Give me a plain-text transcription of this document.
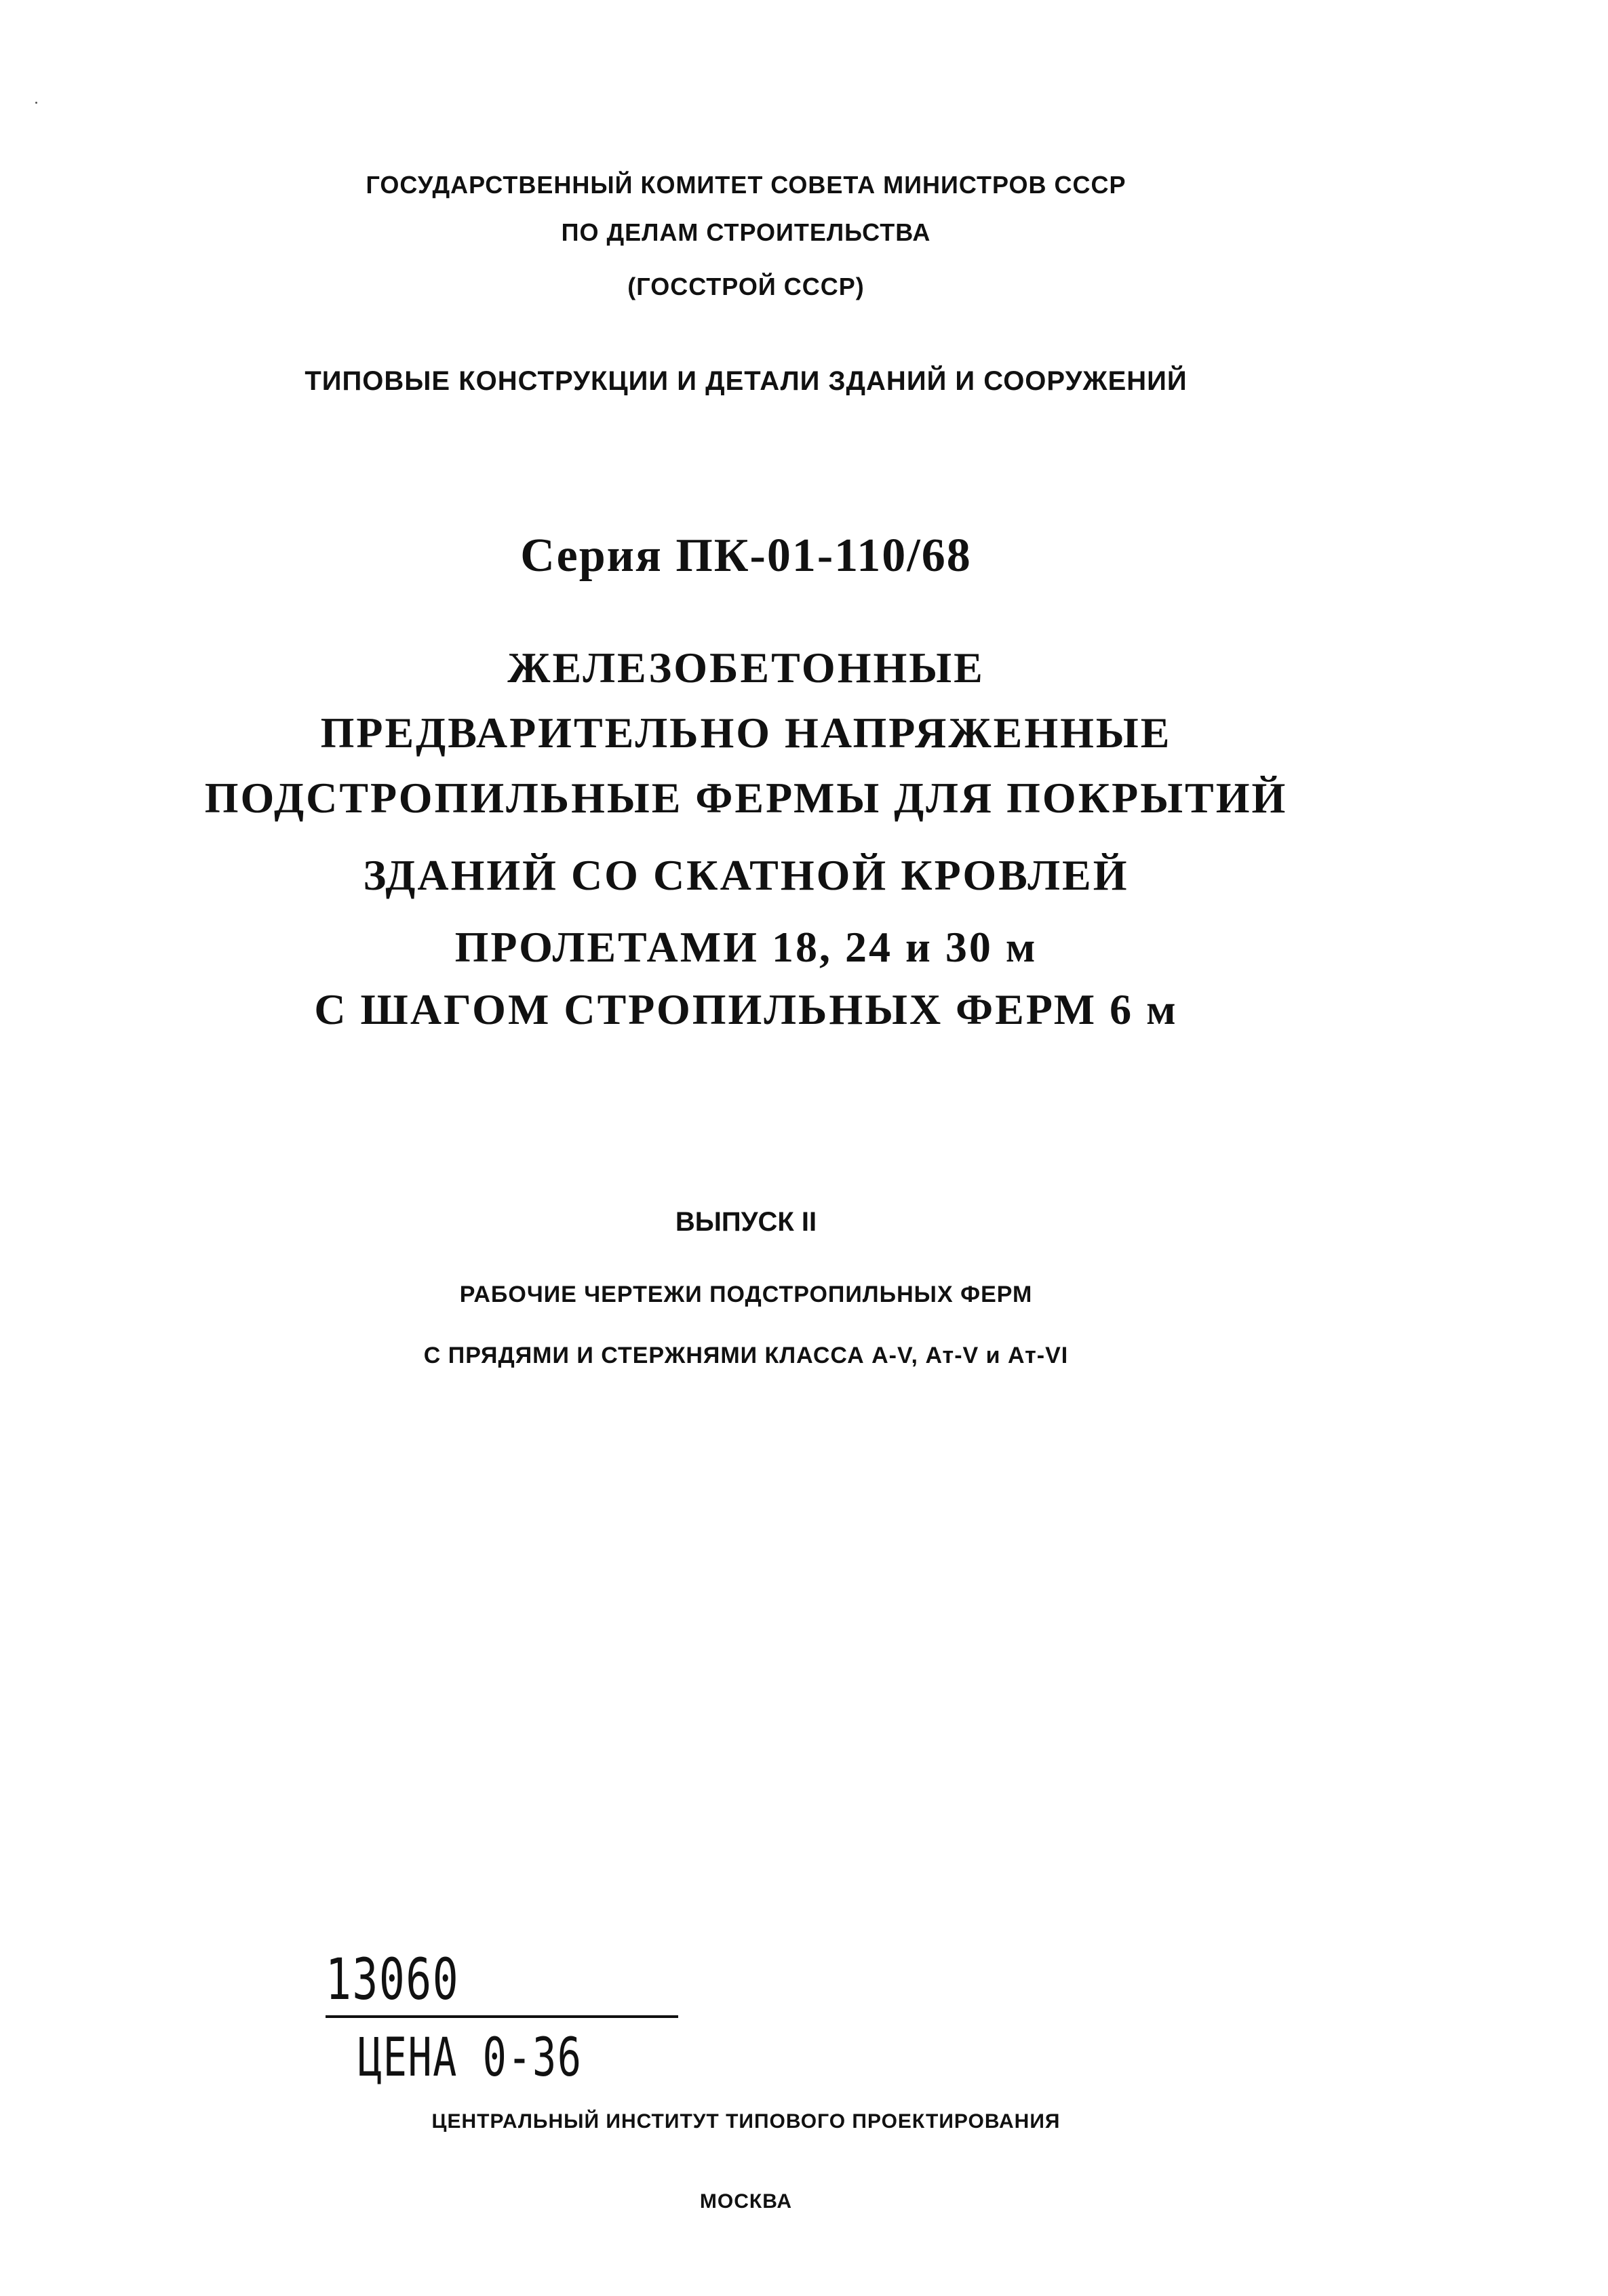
ГОСУДАРСТВЕННЫЙ КОМИТЕТ СОВЕТА МИНИСТРОВ СССР
ПО ДЕЛАМ СТРОИТЕЛЬСТВА
(ГОССТРОЙ СССР)
ТИПОВЫЕ КОНСТРУКЦИИ И ДЕТАЛИ ЗДАНИЙ И СООРУЖЕНИЙ
Серия ПК-01-110/68
ЖЕЛЕЗОБЕТОННЫЕ
ПРЕДВАРИТЕЛЬНО НАПРЯЖЕННЫЕ
ПОДСТРОПИЛЬНЫЕ ФЕРМЫ ДЛЯ ПОКРЫТИЙ
ЗДАНИЙ СО СКАТНОЙ КРОВЛЕЙ
ПРОЛЕТАМИ 18, 24 и 30 м
С ШАГОМ СТРОПИЛЬНЫХ ФЕРМ 6 м
ВЫПУСК II
РАБОЧИЕ ЧЕРТЕЖИ ПОДСТРОПИЛЬНЫХ ФЕРМ
С ПРЯДЯМИ И СТЕРЖНЯМИ КЛАССА А-V, Ат-V и Ат-VI
13060
ЦЕНА 0-36
ЦЕНТРАЛЬНЫЙ ИНСТИТУТ ТИПОВОГО ПРОЕКТИРОВАНИЯ
МОСКВА
